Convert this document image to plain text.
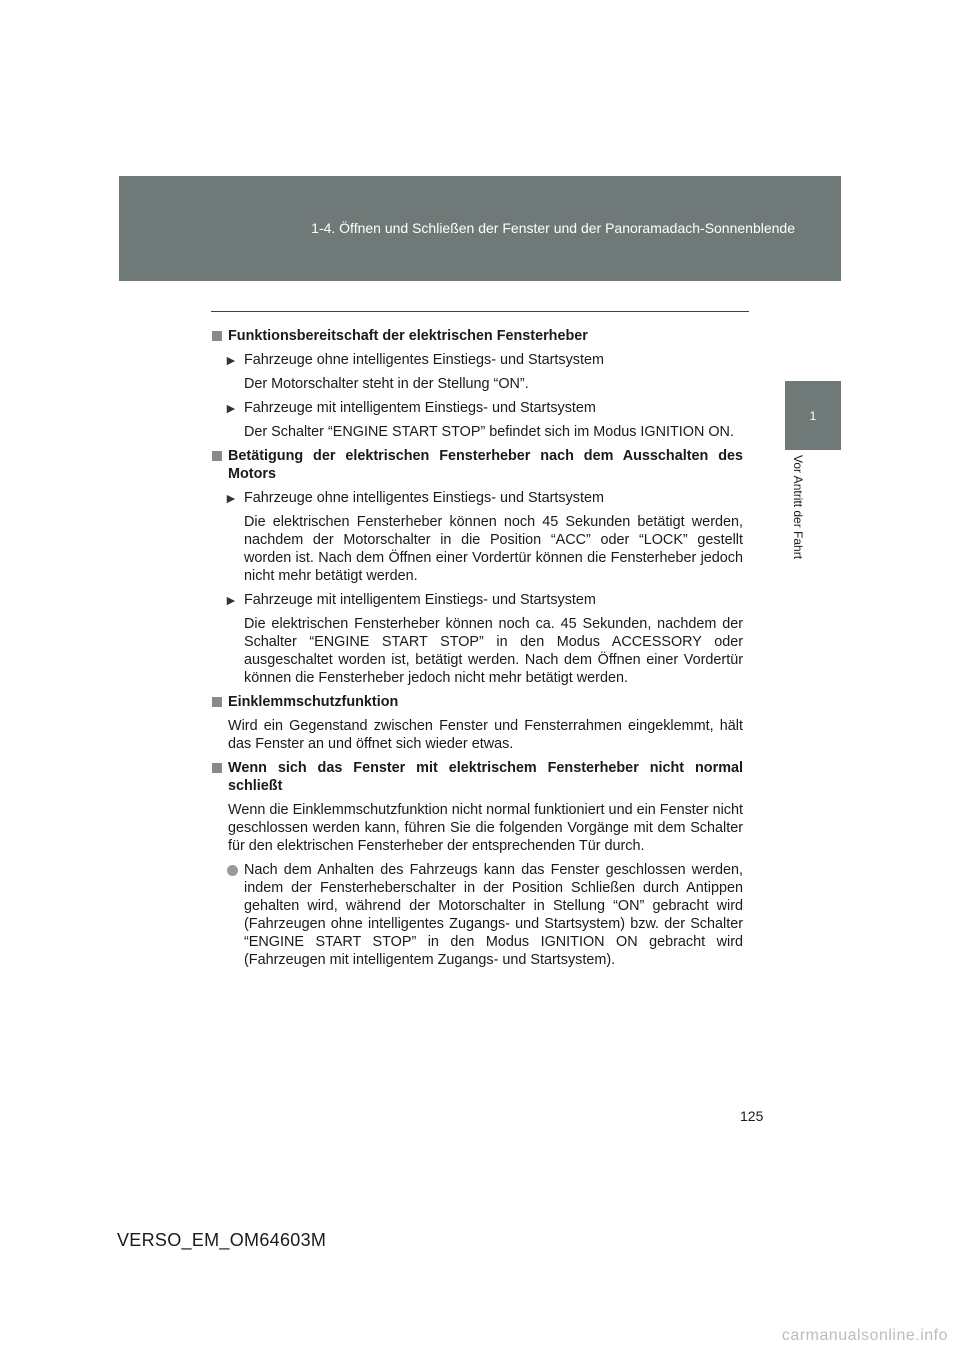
1-4. Öffnen und Schließen der Fenster und der Panoramadach-Sonnenblende
1
Vor Antritt der Fahrt
Funktionsbereitschaft der elektrischen Fensterheber
► Fahrzeuge ohne intelligentes Einstiegs- und Startsystem
Der Motorschalter steht in der Stellung “ON”.
► Fahrzeuge mit intelligentem Einstiegs- und Startsystem
Der Schalter “ENGINE START STOP” befindet sich im Modus IGNITION ON.
Betätigung der elektrischen Fensterheber nach dem Ausschalten des Motors
► Fahrzeuge ohne intelligentes Einstiegs- und Startsystem
Die elektrischen Fensterheber können noch 45 Sekunden betätigt werden, nachdem der Motorschalter in die Position “ACC” oder “LOCK” gestellt worden ist. Nach dem Öffnen einer Vordertür können die Fensterheber jedoch nicht mehr betätigt werden.
► Fahrzeuge mit intelligentem Einstiegs- und Startsystem
Die elektrischen Fensterheber können noch ca. 45 Sekunden, nachdem der Schalter “ENGINE START STOP” in den Modus ACCESSORY oder ausgeschaltet worden ist, betätigt werden. Nach dem Öffnen einer Vordertür können die Fensterheber jedoch nicht mehr betätigt werden.
Einklemmschutzfunktion
Wird ein Gegenstand zwischen Fenster und Fensterrahmen eingeklemmt, hält das Fenster an und öffnet sich wieder etwas.
Wenn sich das Fenster mit elektrischem Fensterheber nicht normal schließt
Wenn die Einklemmschutzfunktion nicht normal funktioniert und ein Fenster nicht geschlossen werden kann, führen Sie die folgenden Vorgänge mit dem Schalter für den elektrischen Fensterheber der entsprechenden Tür durch.
Nach dem Anhalten des Fahrzeugs kann das Fenster geschlossen werden, indem der Fensterheberschalter in der Position Schließen durch Antippen gehalten wird, während der Motorschalter in Stellung “ON” gebracht wird (Fahrzeugen ohne intelligentes Zugangs- und Startsystem) bzw. der Schalter “ENGINE START STOP” in den Modus IGNITION ON gebracht wird (Fahrzeugen mit intelligentem Zugangs- und Startsystem).
125
VERSO_EM_OM64603M
carmanualsonline.info
